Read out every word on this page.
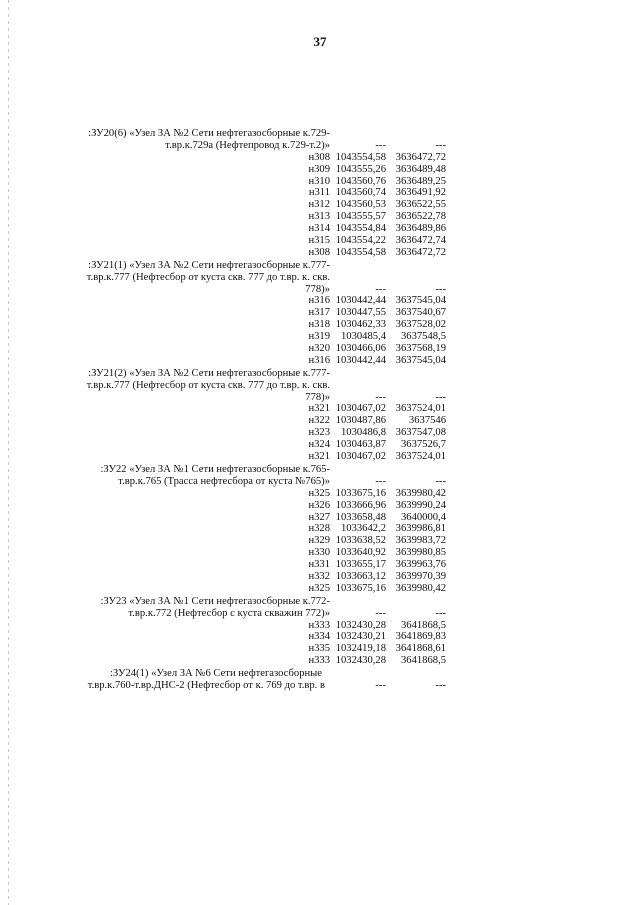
37
:ЗУ20(6) «Узел ЗА №2 Сети нефтегазосборные к.729-
т.вр.к.729а (Нефтепровод к.729-т.2)»	---	---
н308 1043554,58 3636472,72
н309 1043555,26 3636489,48
н310 1043560,76 3636489,25
н311 1043560,74 3636491,92
н312 1043560,53 3636522,55
н313 1043555,57 3636522,78
н314 1043554,84 3636489,86
н315 1043554,22 3636472,74
н308 1043554,58 3636472,72
:ЗУ21(1) «Узел ЗА №2 Сети нефтегазосборные к.777-
т.вр.к.777 (Нефтесбор от куста скв. 777 до т.вр. к. скв.
778)»	---	---
н316 1030442,44 3637545,04
н317 1030447,55 3637540,67
н318 1030462,33 3637528,02
н319 1030485,4 3637548,5
н320 1030466,06 3637568,19
н316 1030442,44 3637545,04
:ЗУ21(2) «Узел ЗА №2 Сети нефтегазосборные к.777-
т.вр.к.777 (Нефтесбор от куста скв. 777 до т.вр. к. скв.
778)»	---	---
н321 1030467,02 3637524,01
н322 1030487,86 3637546
н323 1030486,8 3637547,08
н324 1030463,87 3637526,7
н321 1030467,02 3637524,01
:ЗУ22 «Узел ЗА №1 Сети нефтегазосборные к.765-
т.вр.к.765 (Трасса нефтесбора от куста №765)»	---	---
н325 1033675,16 3639980,42
н326 1033666,96 3639990,24
н327 1033658,48 3640000,4
н328 1033642,2 3639986,81
н329 1033638,52 3639983,72
н330 1033640,92 3639980,85
н331 1033655,17 3639963,76
н332 1033663,12 3639970,39
н325 1033675,16 3639980,42
:ЗУ23 «Узел ЗА №1 Сети нефтегазосборные к.772-
т.вр.к.772 (Нефтесбор с куста скважин 772)»	---	---
н333 1032430,28 3641868,5
н334 1032430,21 3641869,83
н335 1032419,18 3641868,61
н333 1032430,28 3641868,5
:ЗУ24(1) «Узел ЗА №6 Сети нефтегазосборные
т.вр.к.760-т.вр.ДНС-2 (Нефтесбор от к. 769 до т.вр. в	---	---
